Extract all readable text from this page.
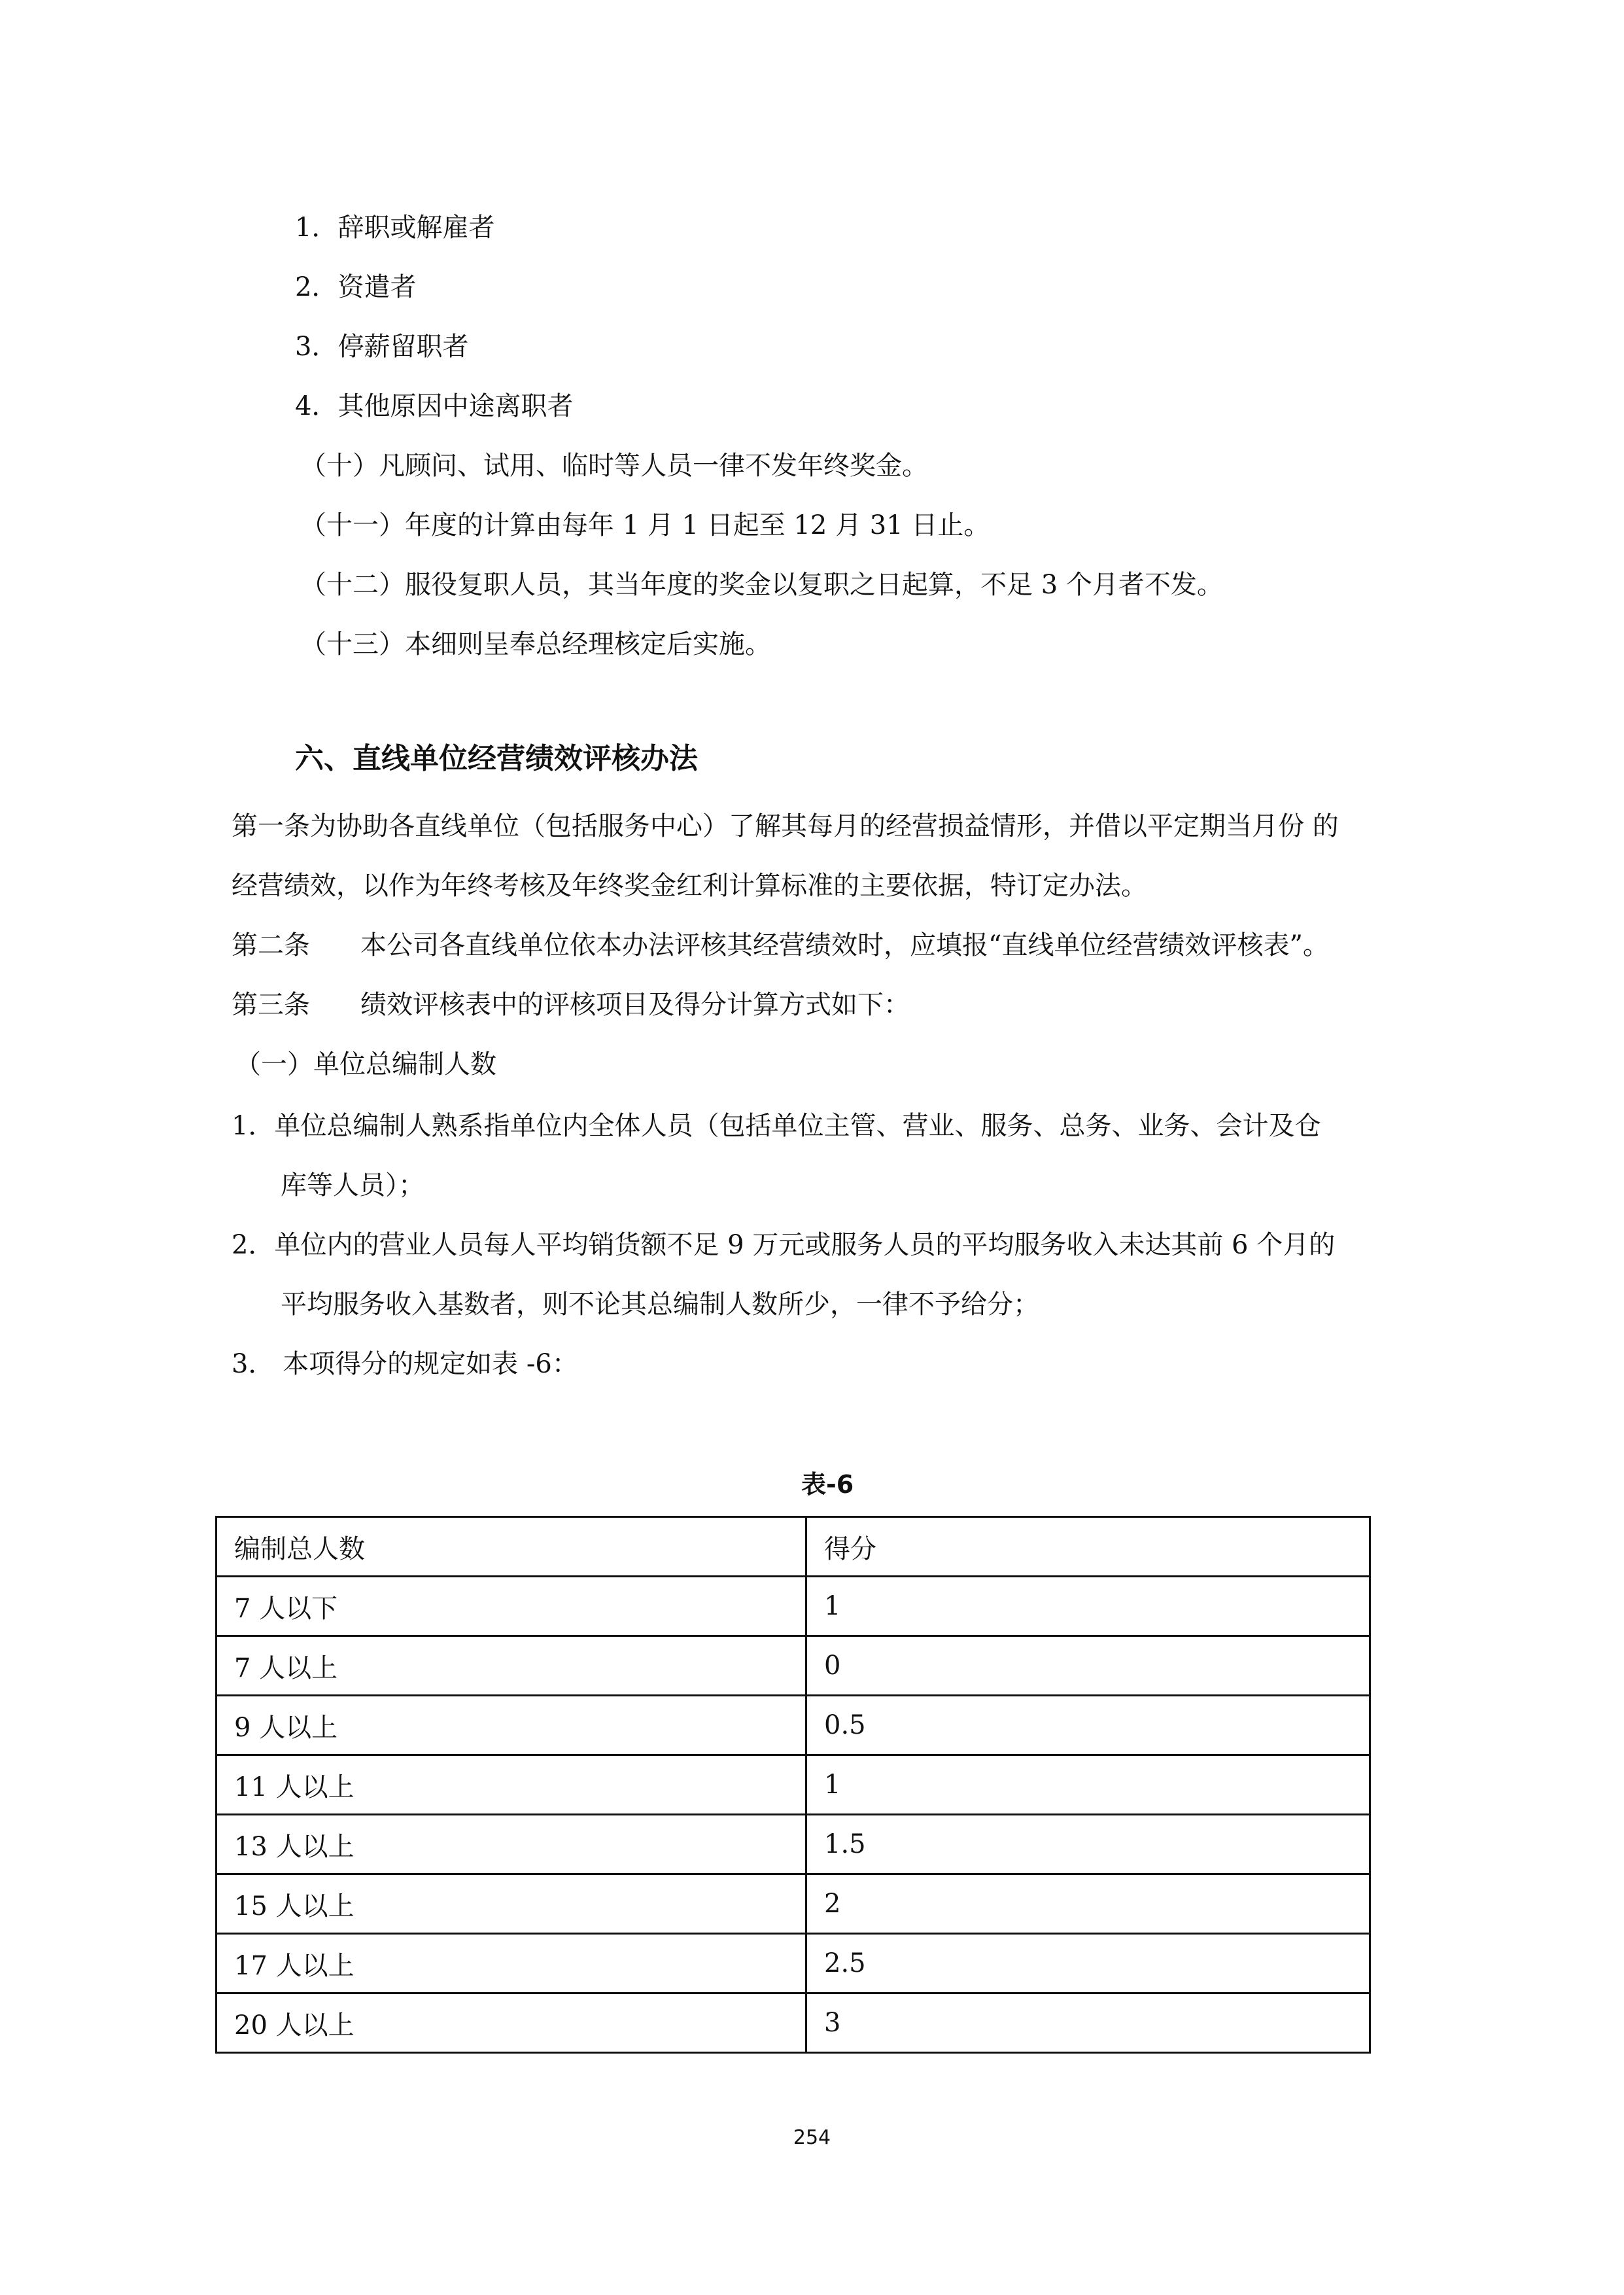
1．辞职或解雇者
2．资遣者
3．停薪留职者
4．其他原因中途离职者
（十）凡顾问、试用、临时等人员一律不发年终奖金。
（十一）年度的计算由每年 1 月 1 日起至 12 月 31 日止。
（十二）服役复职人员，其当年度的奖金以复职之日起算，不足 3 个月者不发。
（十三）本细则呈奉总经理核定后实施。
六、直线单位经营绩效评核办法
第一条为协助各直线单位（包括服务中心）了解其每月的经营损益情形，并借以平定期当月份 的
经营绩效，以作为年终考核及年终奖金红利计算标准的主要依据，特订定办法。
第二条 本公司各直线单位依本办法评核其经营绩效时，应填报“直线单位经营绩效评核表”。
第三条 绩效评核表中的评核项目及得分计算方式如下：
（一）单位总编制人数
1．单位总编制人熟系指单位内全体人员（包括单位主管、营业、服务、总务、业务、会计及仓
库等人员）；
2．单位内的营业人员每人平均销货额不足 9 万元或服务人员的平均服务收入未达其前 6 个月的
平均服务收入基数者，则不论其总编制人数所少，一律不予给分；
3． 本项得分的规定如表 -6：
表-6
编制总人数	得分
7 人以下	1
7 人以上	0
9 人以上	0.5
11 人以上	1
13 人以上	1.5
15 人以上	2
17 人以上	2.5
20 人以上	3
254
